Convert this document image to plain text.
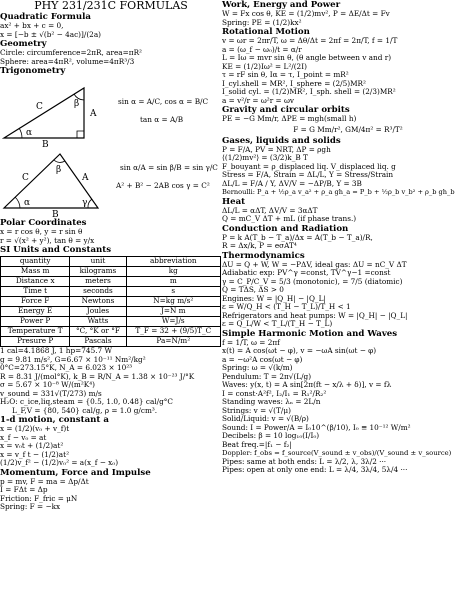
PHY 231/231C FORMULAS
Quadratic Formula
ax² + bx + c = 0,
x = [−b ± √(b² − 4ac)]/(2a)
Geometry
Circle: circumference=2πR, area=πR²
Sphere: area=4πR², volume=4πR³/3
Trigonometry
A
B
C
α
β	sin α = A/C, cos α = B/C
tan α = A/B
A
B
C
α
β
γ
sin α/A = sin β/B = sin γ/C
A² + B² − 2AB cos γ = C²
Polar Coordinates
x = r cos θ, y = r sin θ
r = √(x² + y²), tan θ = y/x
SI Units and Constants
quantity	unit	abbreviation
Mass m	kilograms	kg
Distance x	meters	m
Time t	seconds	s
Force F	Newtons	N=kg m/s²
Energy E	Joules	J=N m
Power P	Watts	W=J/s
Temperature T	°C, °K or °F	T_F = 32 + (9/5)T_C
Presure P	Pascals	Pa=N/m²
1 cal=4.1868 J, 1 hp=745.7 W
g = 9.81 m/s², G=6.67 × 10⁻¹¹ Nm²/kg²
0°C=273.15°K, N_A = 6.023 × 10²³
R = 8.31 J/(mol°K), k_B = R/N_A = 1.38 × 10⁻²³ J/°K
σ = 5.67 × 10⁻⁸ W/(m²K⁴)
v_sound = 331√(T/273) m/s
H₂O: c_ice,liq,steam = {0.5, 1.0, 0.48} cal/g°C
L_F,V = {80, 540} cal/g, ρ = 1.0 g/cm³.
1-d motion, constant a
x = (1/2)(v₀ + v_f)t
x_f − v₀ = at
x = v₀t + (1/2)at²
x = v_f t − (1/2)at²
(1/2)v_f² − (1/2)v₀² = a(x_f − x₀)
Momentum, Force and Impulse
p = mv, F = ma = Δp/Δt
I = FΔt = Δp
Friction: F_fric = μN
Spring: F = −kx
Work, Energy and Power
W = Fx cos θ, KE = (1/2)mv², P = ΔE/Δt = Fv
Spring: PE = (1/2)kx²
Rotational Motion
v = ωr = 2πr/T, ω = Δθ/Δt = 2πf = 2π/T, f = 1/T
a = (ω_f − ω₀)/t = α/r
L = Iω = mvr sin θ, (θ angle between v and r)
KE = (1/2)Iω² = L²/(2I)
τ = rF sin θ, Iα = τ, I_point = mR²
I_cyl.shell = MR², I_sphere = (2/5)MR²
I_solid cyl. = (1/2)MR², I_sph. shell = (2/3)MR²
a = v²/r = ω²r = ωv
Gravity and circular orbits
PE = −G Mm/r, ΔPE = mgh(small h)
F = G Mm/r², GM/4π² = R³/T²
Gases, liquids and solids
P = F/A, PV = NRT, ΔP = ρgh
⟨(1/2)mv²⟩ = (3/2)k_B T
F_bouyant = ρ_displaced liq. V_displaced liq. g
Stress = F/A, Strain = ΔL/L, Y = Stress/Strain
ΔL/L = F/A / Y, ΔV/V = −ΔP/B, Y = 3B
Bernoulli: P_a + ½ρ_a v_a² + ρ_a gh_a = P_b + ½ρ_b v_b² + ρ_b gh_b
Heat
ΔL/L = αΔT, ΔV/V = 3αΔT
Q = mC_V ΔT + mL (if phase trans.)
Conduction and Radiation
P = k A(T_b − T_a)/Δx = A(T_b − T_a)/R,
R = Δx/k, P = eσAT⁴
Thermodynamics
ΔU = Q + W, W = −PΔV, ideal gas: ΔU = nC_V ΔT
Adiabatic exp: PV^γ =const, TV^γ−1 =const
γ = C_P/C_V = 5/3 (monotonic), = 7/5 (diatomic)
Q = TΔS, ΔS > 0
Engines: W = |Q_H| − |Q_L|
ε = W/Q_H < (T_H − T_L)/T_H < 1
Refrigerators and heat pumps: W = |Q_H| − |Q_L|
ε = Q_L/W < T_L/(T_H − T_L)
Simple Harmonic Motion and Waves
f = 1/T, ω = 2πf
x(t) = A cos(ωt − φ), v = −ωA sin(ωt − φ)
a = −ω²A cos(ωt − φ)
Spring: ω = √(k/m)
Pendulum: T = 2π√(L/g)
Waves: y(x, t) = A sin[2π(ft − x/λ + δ)], v = fλ
I = const·A²f², I₂/I₁ = R₁²/R₂²
Standing waves: λₙ = 2L/n
Strings: v = √(T/μ)
Solid/Liquid: v = √(B/ρ)
Sound: I = Power/A = I₀10^(β/10), I₀ ≡ 10⁻¹² W/m²
Decibels: β = 10 log₁₀(I/I₀)
Beat freq.=|f₁ − f₂|
Doppler: f_obs = f_source(V_sound ± v_obs)/(V_sound ± v_source)
Pipes: same at both ends: L = λ/2, λ, 3λ/2 ···
Pipes: open at only one end: L = λ/4, 3λ/4, 5λ/4 ···
